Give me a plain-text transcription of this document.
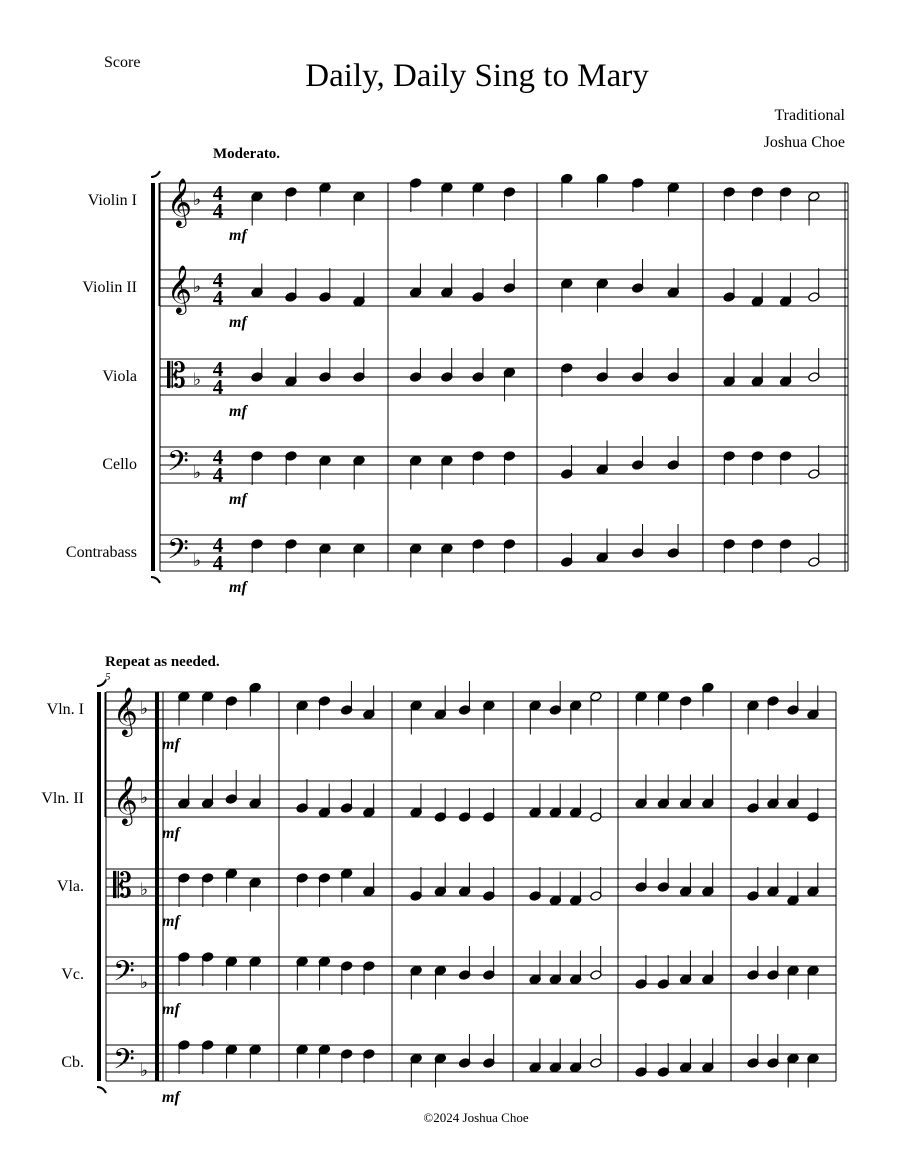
Score	Daily, Daily Sing to Mary
Traditional
Joshua Choe
©2024 Joshua Choe
Moderato.
Violin I 𝄞 ♭ 4
4
mf
Violin II 𝄞 ♭ 4
4
mf
Viola 𝄡 ♭ 4
4
mf
Cello 𝄢 ♭
4
4
mf
Contrabass 𝄢 ♭
4
4
mf
Repeat as needed.
5
Vln. I 𝄞 ♭
mf
Vln. II 𝄞 ♭
mf
Vla. 𝄡 ♭
mf
Vc. 𝄢 ♭
mf
Cb. 𝄢 ♭
mf
